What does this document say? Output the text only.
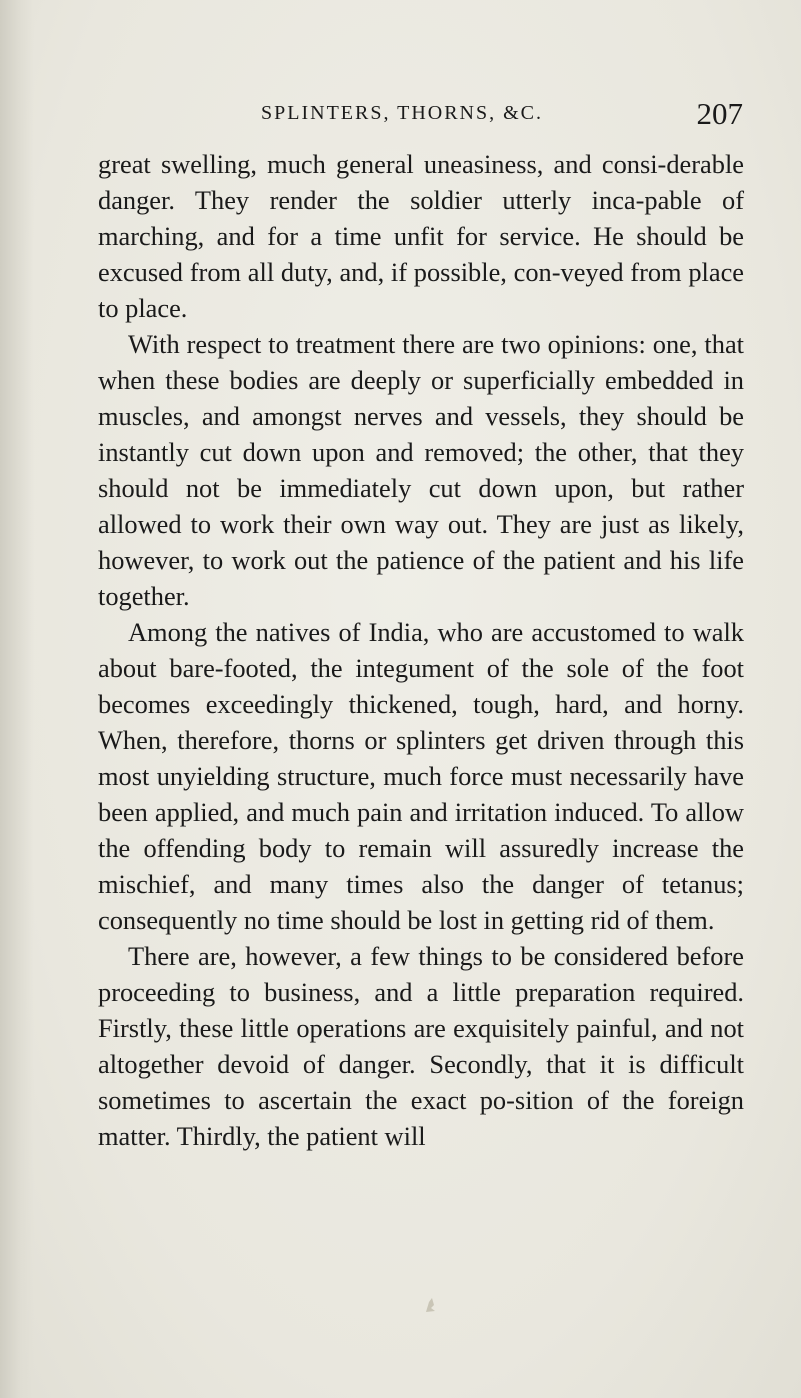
SPLINTERS, THORNS, &C.	207

great swelling, much general uneasiness, and consi-derable danger. They render the soldier utterly inca-pable of marching, and for a time unfit for service. He should be excused from all duty, and, if possible, con-veyed from place to place.

With respect to treatment there are two opinions: one, that when these bodies are deeply or superficially embedded in muscles, and amongst nerves and vessels, they should be instantly cut down upon and removed; the other, that they should not be immediately cut down upon, but rather allowed to work their own way out. They are just as likely, however, to work out the patience of the patient and his life together.

Among the natives of India, who are accustomed to walk about bare-footed, the integument of the sole of the foot becomes exceedingly thickened, tough, hard, and horny. When, therefore, thorns or splinters get driven through this most unyielding structure, much force must necessarily have been applied, and much pain and irritation induced. To allow the offending body to remain will assuredly increase the mischief, and many times also the danger of tetanus; consequently no time should be lost in getting rid of them.

There are, however, a few things to be considered before proceeding to business, and a little preparation required. Firstly, these little operations are exquisitely painful, and not altogether devoid of danger. Secondly, that it is difficult sometimes to ascertain the exact po-sition of the foreign matter. Thirdly, the patient will
